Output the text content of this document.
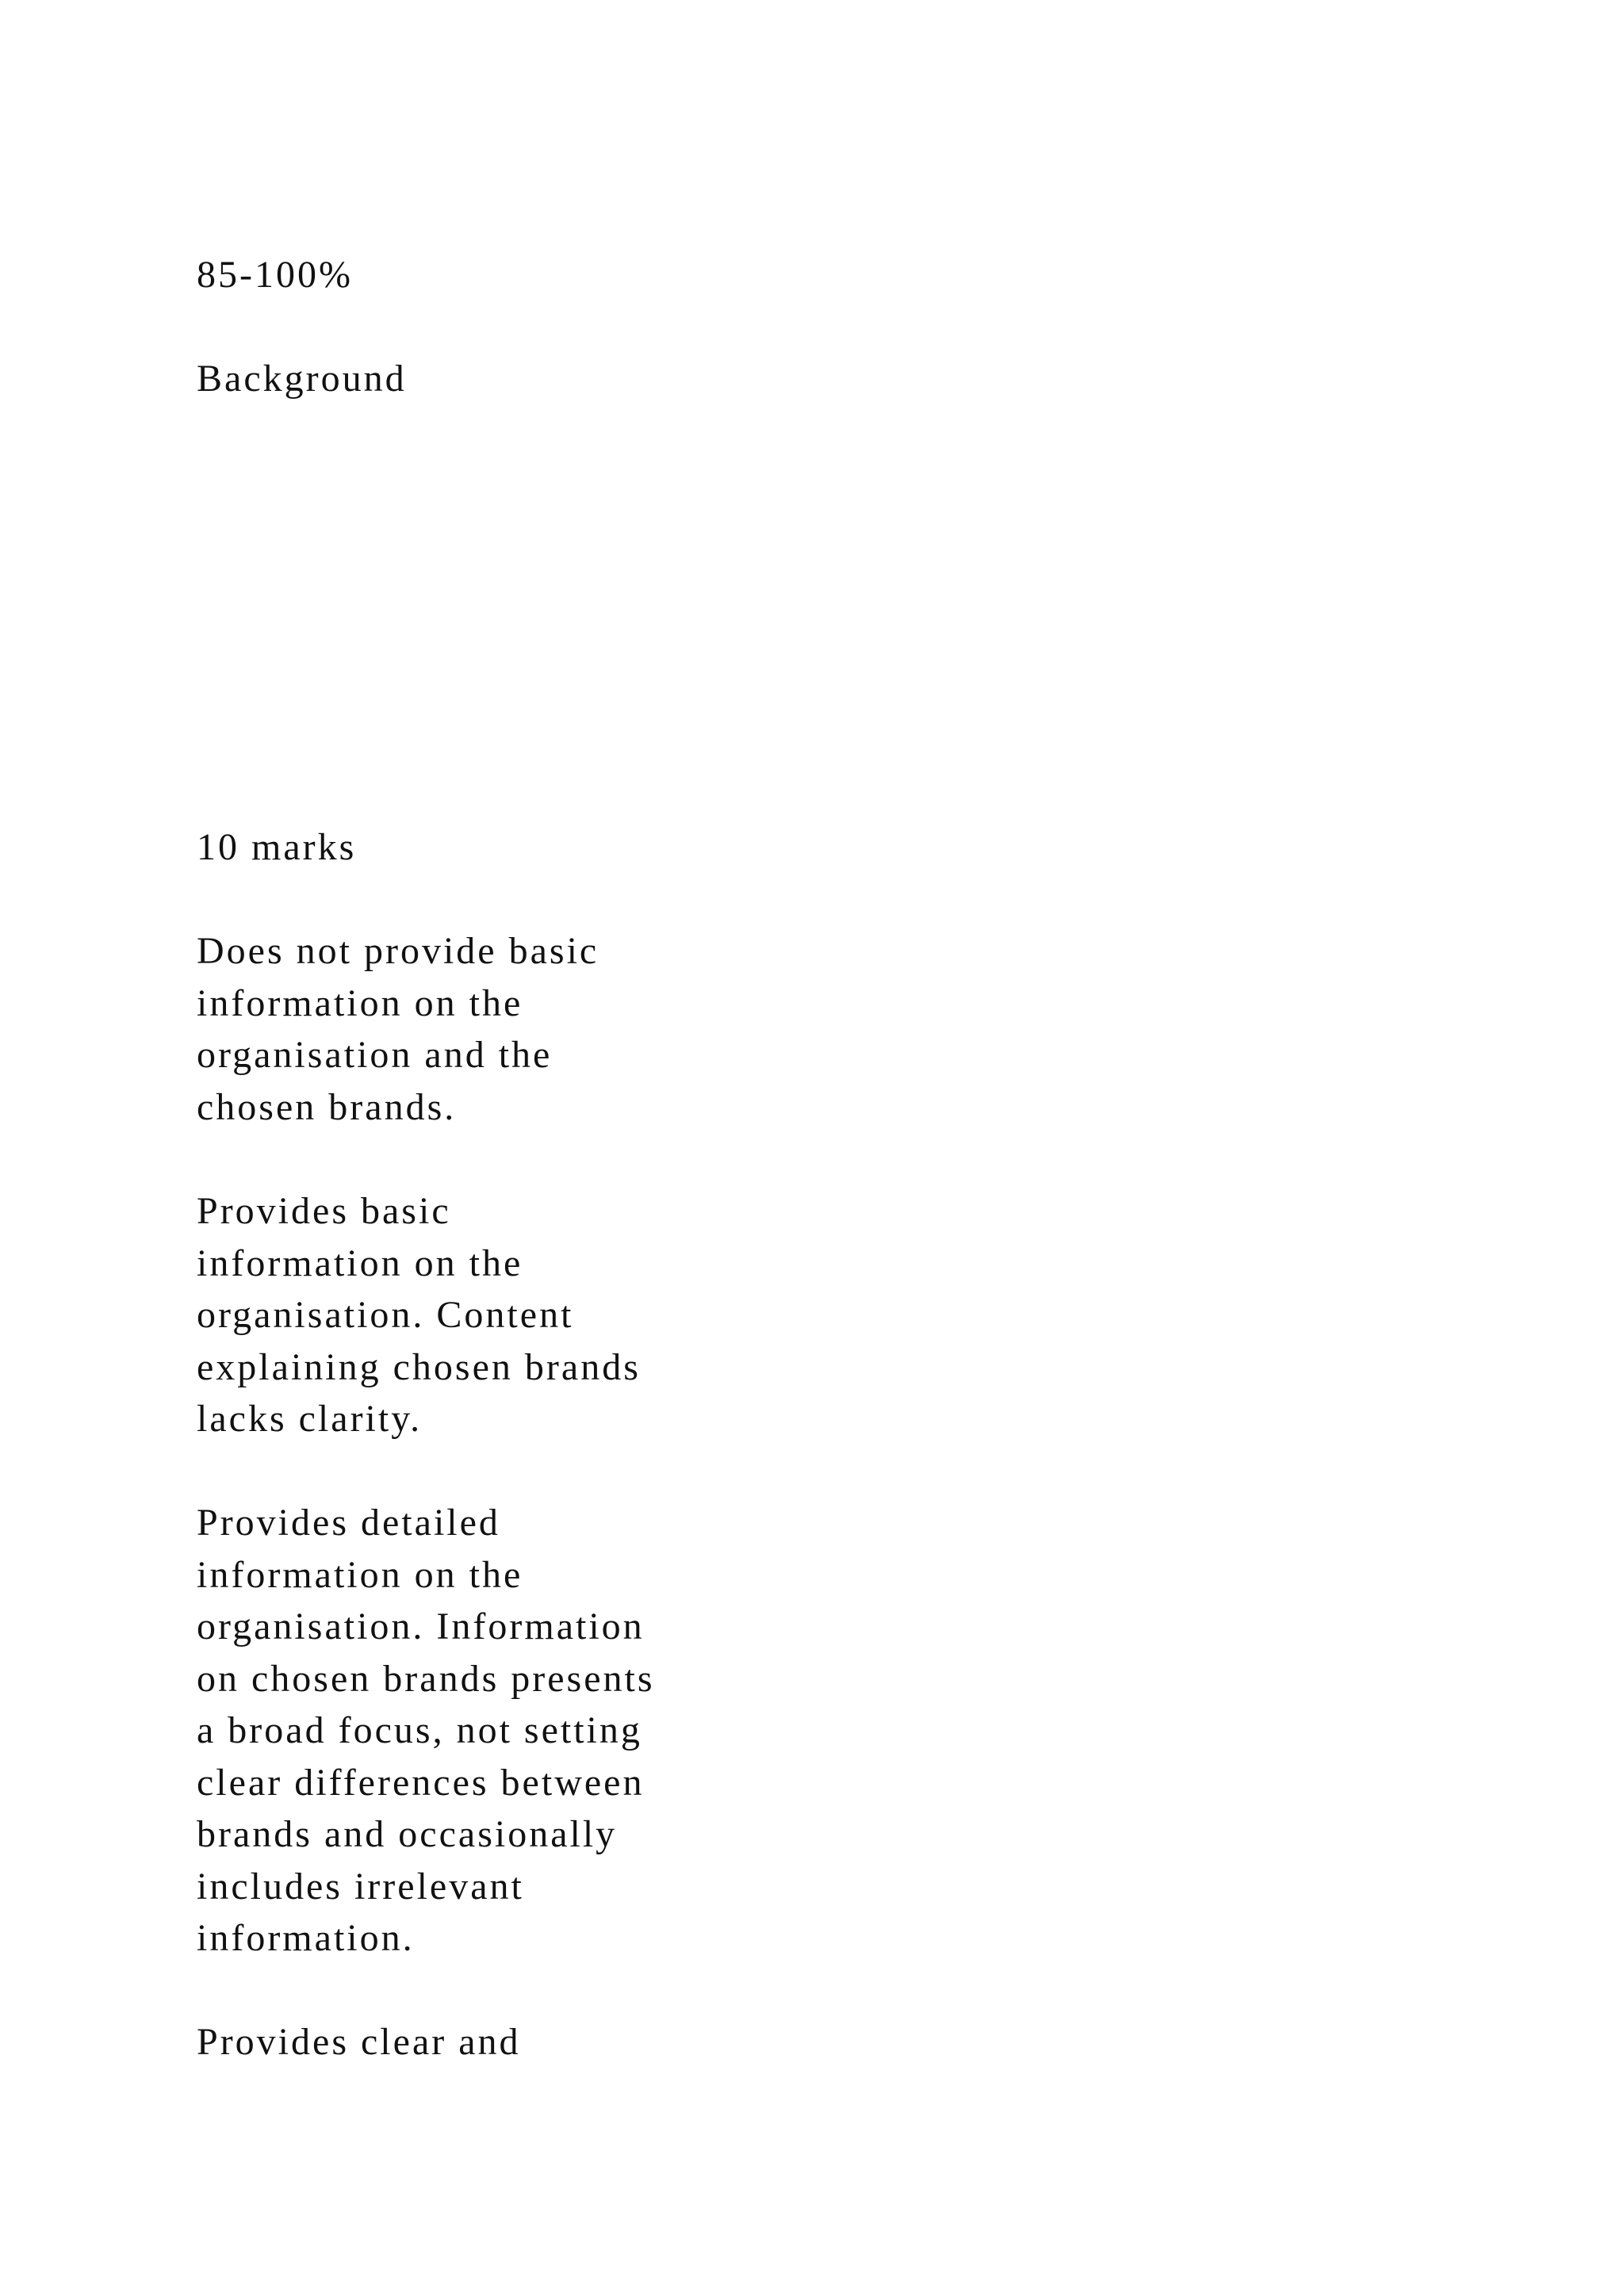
85-100%

Background

10 marks

Does not provide basic
information on the
organisation and the
chosen brands.

Provides basic
information on the
organisation. Content
explaining chosen brands
lacks clarity.

Provides detailed
information on the
organisation. Information
on chosen brands presents
a broad focus, not setting
clear differences between
brands and occasionally
includes irrelevant
information.

Provides clear and
